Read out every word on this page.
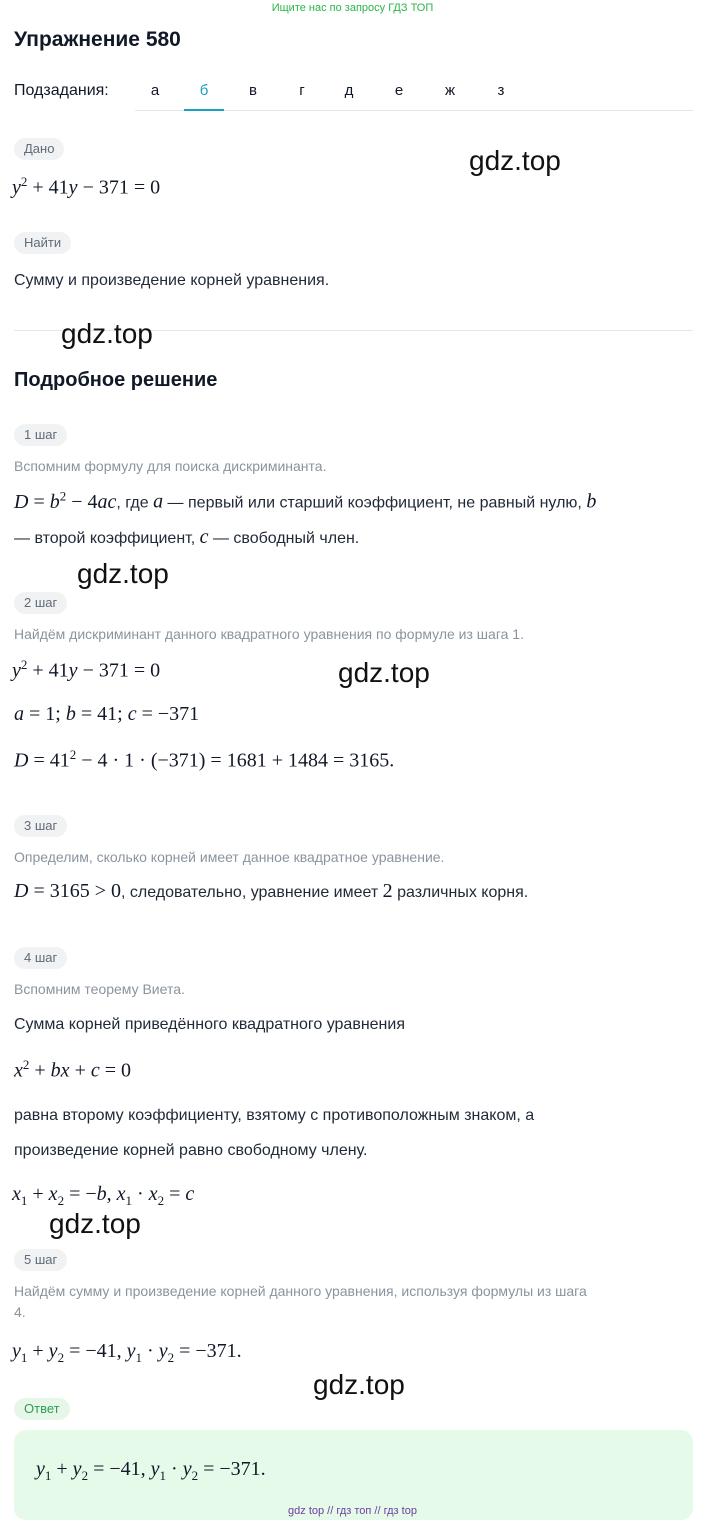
Ищите нас по запросу ГДЗ ТОП
Упражнение 580
Подзадания:	а	б	в	г	д	е	ж	з
Дано
$y^2 + 41y - 371 = 0$
gdz.top
Найти
Сумму и произведение корней уравнения.
gdz.top
Подробное решение
1 шаг
Вспомним формулу для поиска дискриминанта.
$D = b^2 - 4ac$, где a — первый или старший коэффициент, не равный нулю, b
— второй коэффициент, c — свободный член.
gdz.top
2 шаг
Найдём дискриминант данного квадратного уравнения по формуле из шага 1.
$y^2 + 41y - 371 = 0$	gdz.top
a = 1; b = 41; c = −371
$D = 41^2 - 4 \cdot 1 \cdot (-371) = 1681 + 1484 = 3165$.
3 шаг
Определим, сколько корней имеет данное квадратное уравнение.
D = 3165 > 0, следовательно, уравнение имеет 2 различных корня.
4 шаг
Вспомним теорему Виета.
Сумма корней приведённого квадратного уравнения
$x^2$ + bx + c = 0
равна второму коэффициенту, взятому с противоположным знаком, а
произведение корней равно свободному члену.
$x_1 + x_2 = -b$, $x_1 \cdot x_2 = c$
gdz.top
5 шаг
Найдём сумму и произведение корней данного уравнения, используя формулы из шага
4.
$y_1 + y_2 = -41$, $y_1 \cdot y_2 = -371$.
gdz.top
Ответ
$y_1 + y_2 = -41$, $y_1 \cdot y_2 = -371$.
gdz top // гдз топ // гдз top
